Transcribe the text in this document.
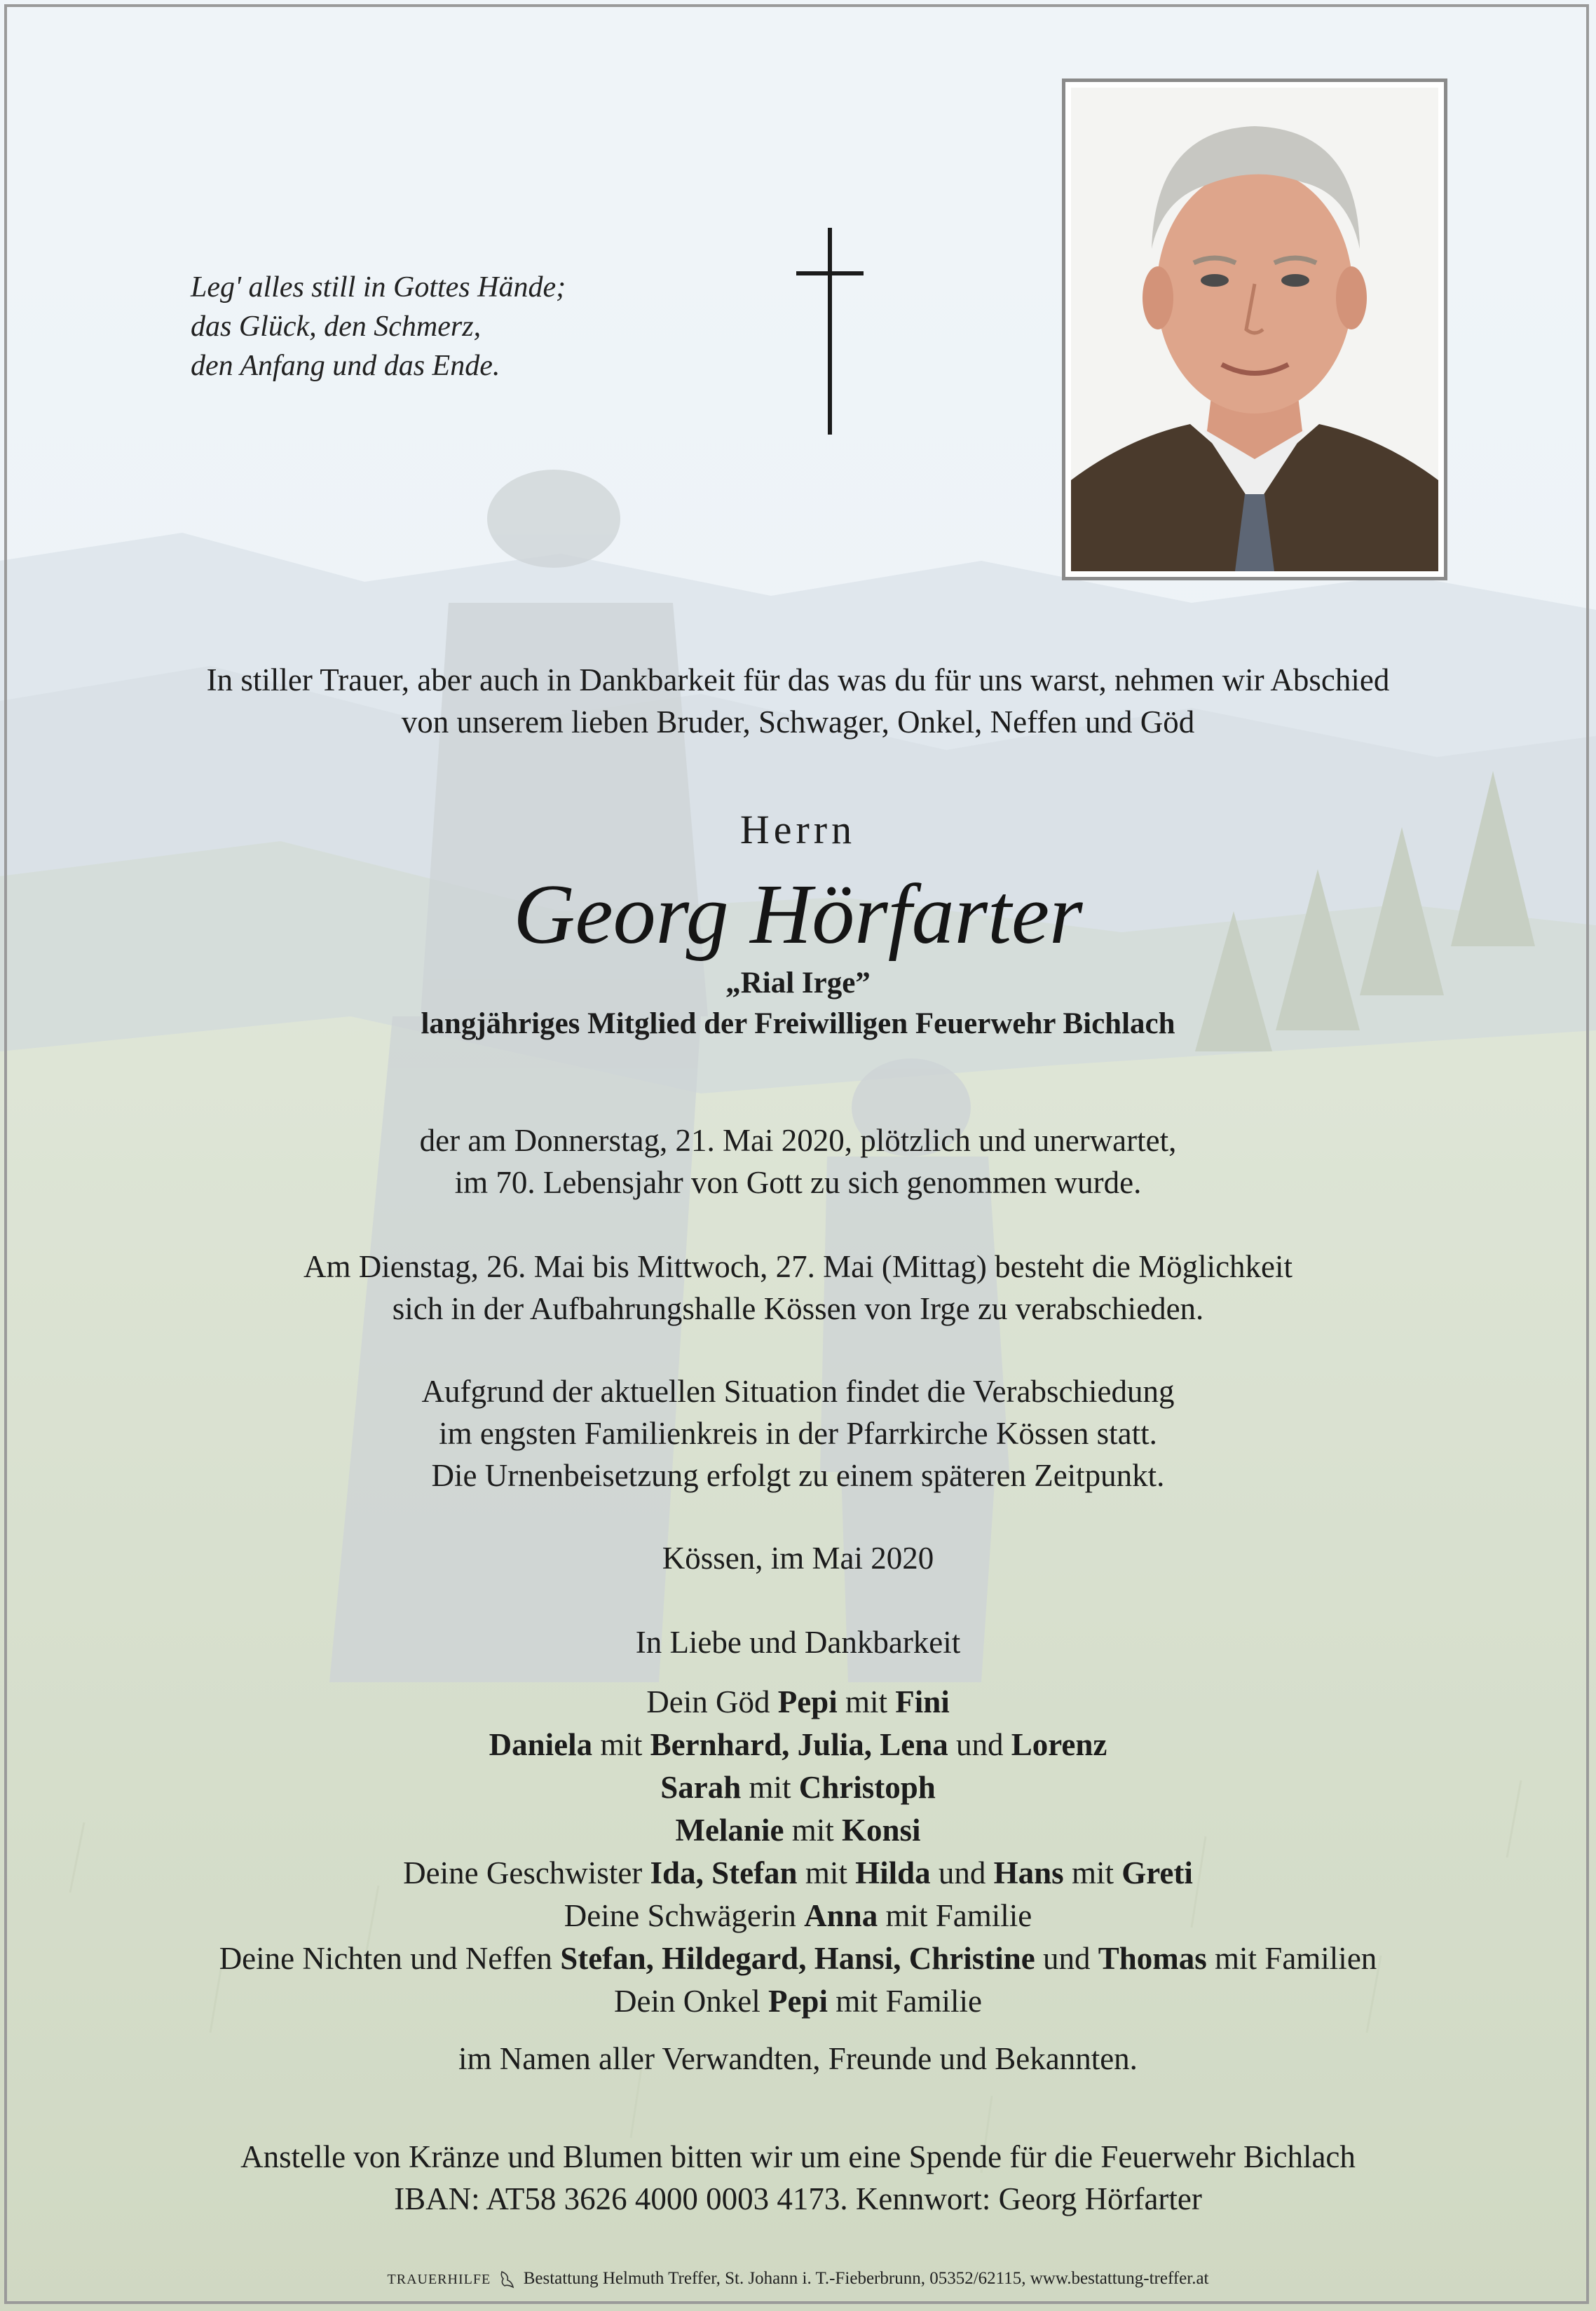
Leg' alles still in Gottes Hände;
das Glück, den Schmerz,
den Anfang und das Ende.
In stiller Trauer, aber auch in Dankbarkeit für das was du für uns warst, nehmen wir Abschied
von unserem lieben Bruder, Schwager, Onkel, Neffen und Göd
Herrn
Georg Hörfarter
„Rial Irge”
langjähriges Mitglied der Freiwilligen Feuerwehr Bichlach
der am Donnerstag, 21. Mai 2020, plötzlich und unerwartet,
im 70. Lebensjahr von Gott zu sich genommen wurde.
Am Dienstag, 26. Mai bis Mittwoch, 27. Mai (Mittag) besteht die Möglichkeit
sich in der Aufbahrungshalle Kössen von Irge zu verabschieden.
Aufgrund der aktuellen Situation findet die Verabschiedung
im engsten Familienkreis in der Pfarrkirche Kössen statt.
Die Urnenbeisetzung erfolgt zu einem späteren Zeitpunkt.
Kössen, im Mai 2020
In Liebe und Dankbarkeit
Dein Göd Pepi mit Fini
Daniela mit Bernhard, Julia, Lena und Lorenz
Sarah mit Christoph
Melanie mit Konsi
Deine Geschwister Ida, Stefan mit Hilda und Hans mit Greti
Deine Schwägerin Anna mit Familie
Deine Nichten und Neffen Stefan, Hildegard, Hansi, Christine und Thomas mit Familien
Dein Onkel Pepi mit Familie
im Namen aller Verwandten, Freunde und Bekannten.
Anstelle von Kränze und Blumen bitten wir um eine Spende für die Feuerwehr Bichlach
IBAN: AT58 3626 4000 0003 4173. Kennwort: Georg Hörfarter
TRAUERHILFE Bestattung Helmuth Treffer, St. Johann i. T.-Fieberbrunn, 05352/62115, www.bestattung-treffer.at
